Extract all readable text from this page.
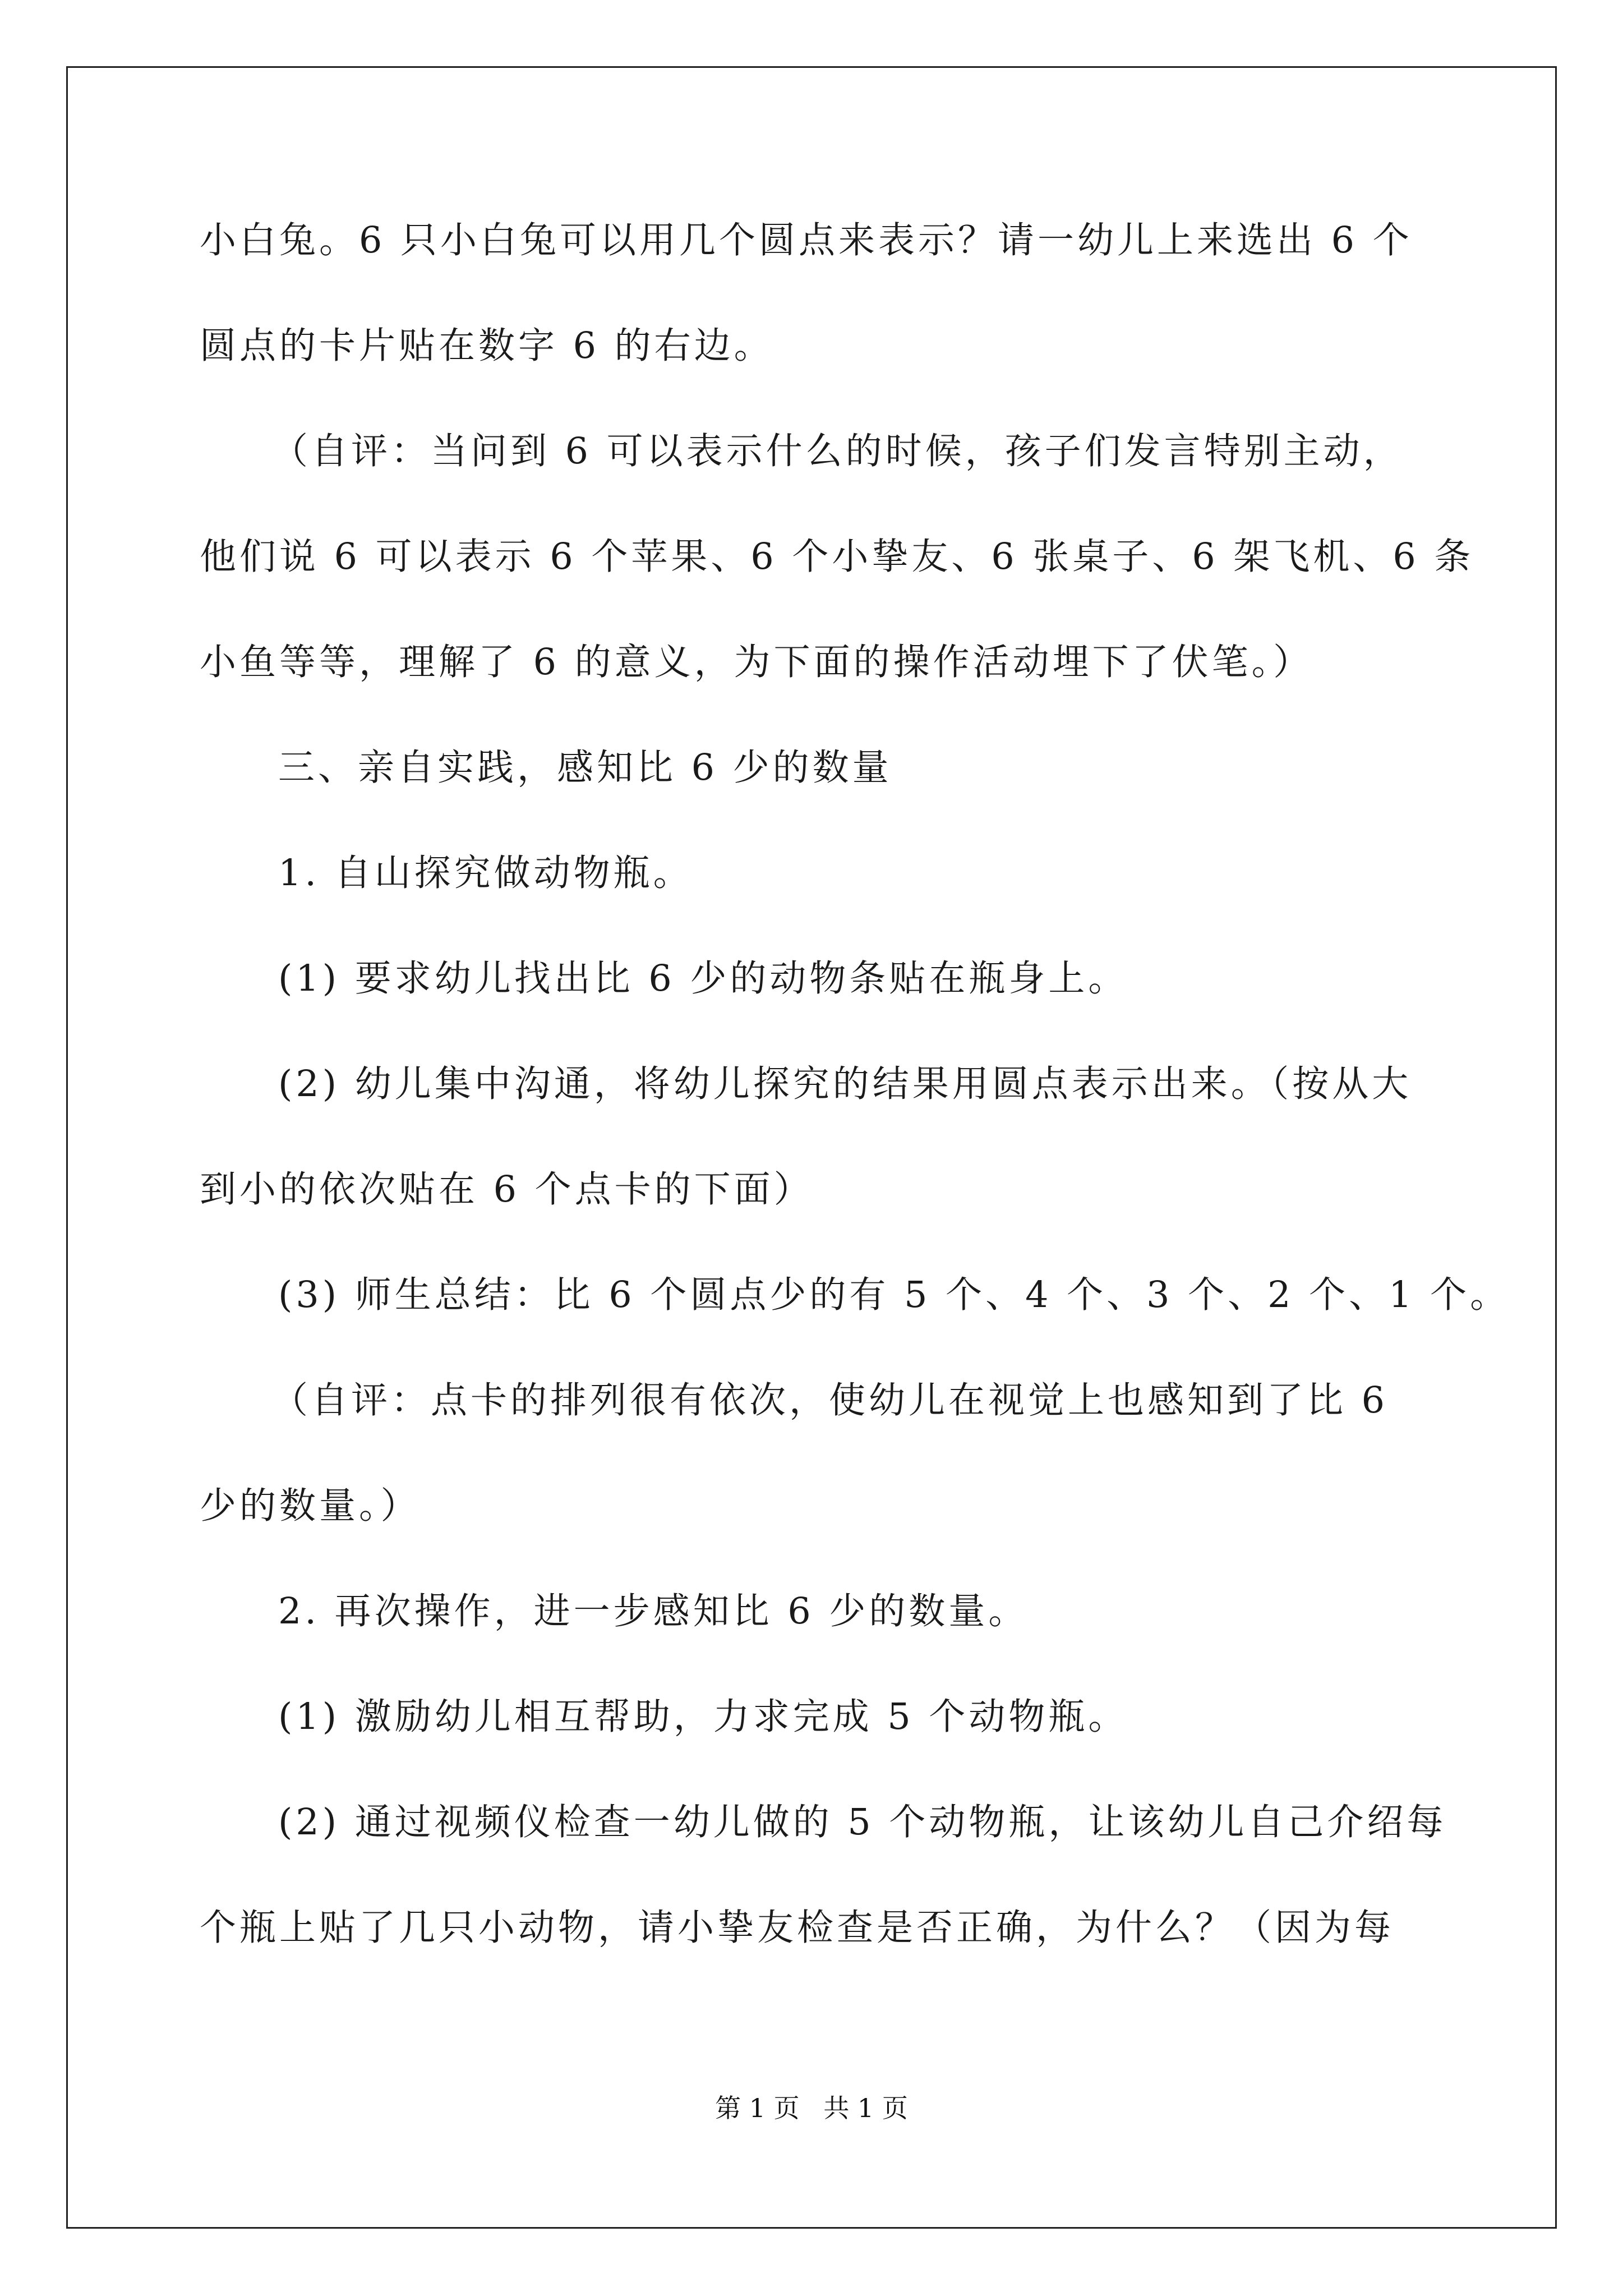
小白兔。6 只小白兔可以用几个圆点来表示？请一幼儿上来选出 6 个

圆点的卡片贴在数字 6 的右边。

（自评：当问到 6 可以表示什么的时候，孩子们发言特别主动，

他们说 6 可以表示 6 个苹果、6 个小挚友、6 张桌子、6 架飞机、6 条

小鱼等等，理解了 6 的意义，为下面的操作活动埋下了伏笔。）

三、亲自实践，感知比 6 少的数量

1. 自山探究做动物瓶。

(1) 要求幼儿找出比 6 少的动物条贴在瓶身上。

(2) 幼儿集中沟通，将幼儿探究的结果用圆点表示出来。（按从大

到小的依次贴在 6 个点卡的下面）

(3) 师生总结：比 6 个圆点少的有 5 个、4 个、3 个、2 个、1 个。

（自评：点卡的排列很有依次，使幼儿在视觉上也感知到了比 6

少的数量。）

2. 再次操作，进一步感知比 6 少的数量。

(1) 激励幼儿相互帮助，力求完成 5 个动物瓶。

(2) 通过视频仪检查一幼儿做的 5 个动物瓶，让该幼儿自己介绍每

个瓶上贴了几只小动物，请小挚友检查是否正确，为什么？（因为每

第 1 页 共 1 页
